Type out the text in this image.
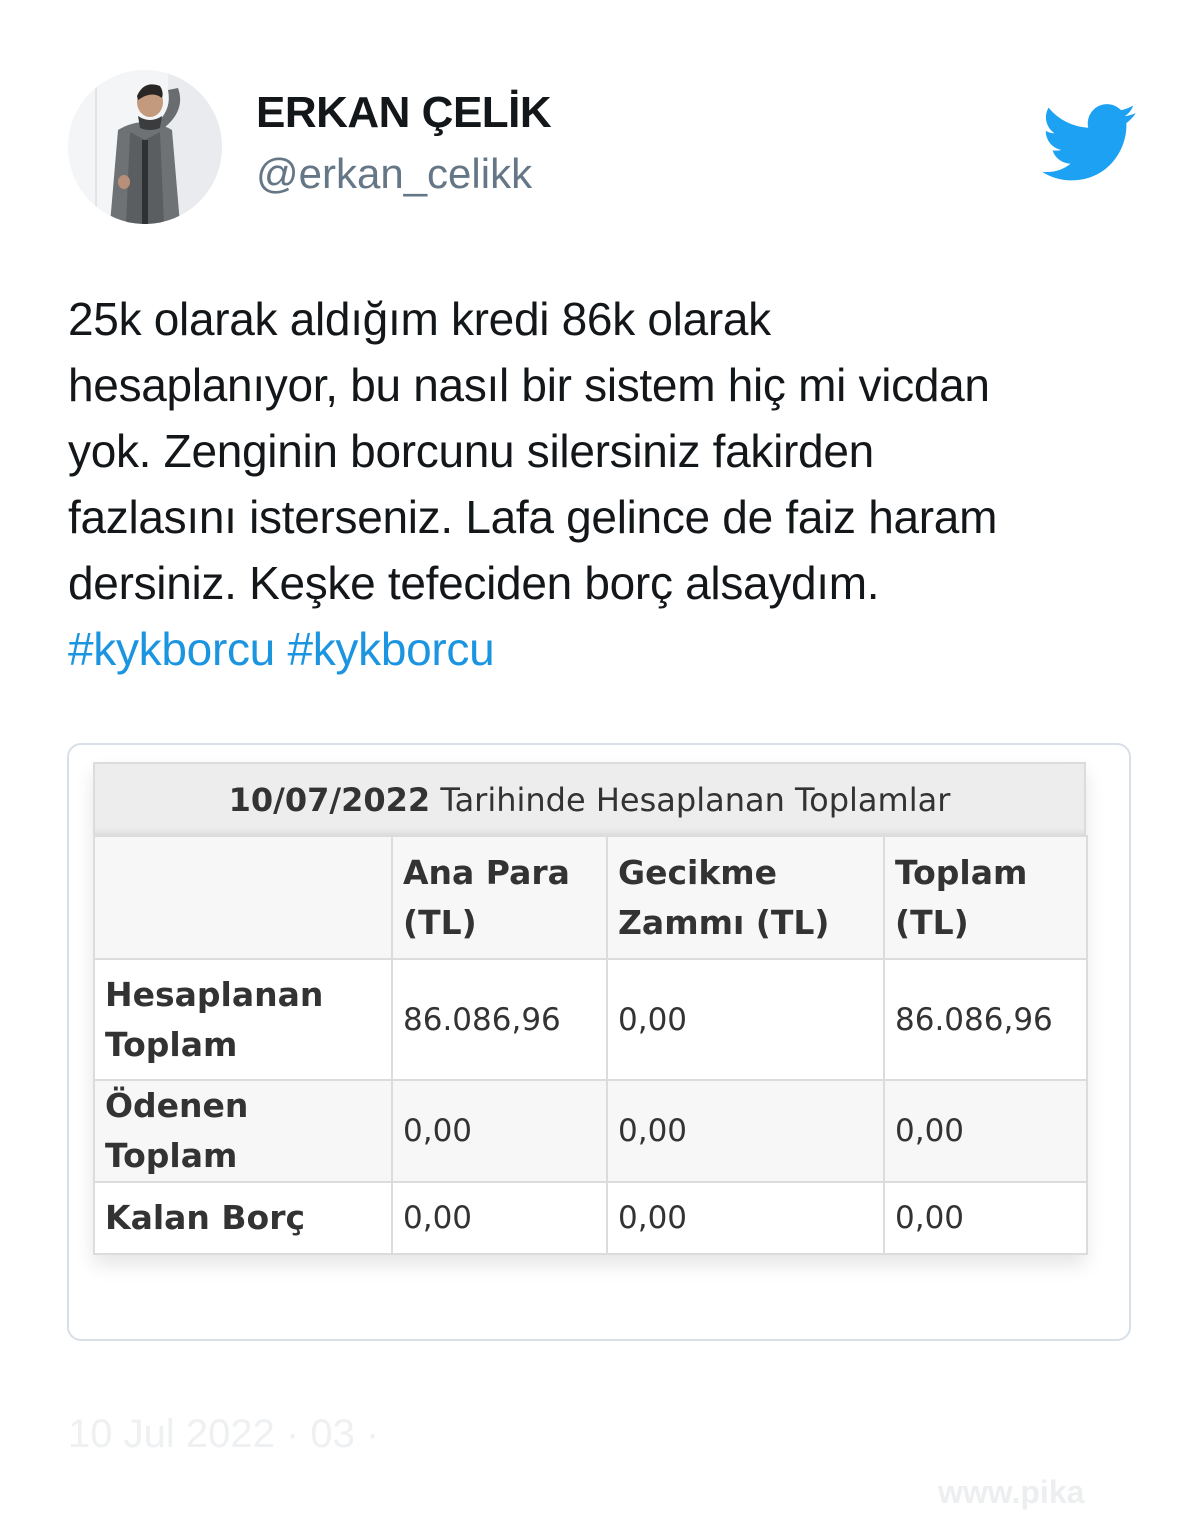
ERKAN ÇELİK
@erkan_celikk

25k olarak aldığım kredi 86k olarak

hesaplanıyor, bu nasıl bir sistem hiç mi vicdan

yok. Zenginin borcunu silersiniz fakirden

fazlasını isterseniz. Lafa gelince de faiz haram

dersiniz. Keşke tefeciden borç alsaydım.

#kykborcu #kykborcu

10/07/2022 Tarihinde Hesaplanan Toplamlar
	Ana Para (TL)	Gecikme Zammı (TL)	Toplam (TL)
Hesaplanan Toplam	86.086,96	0,00	86.086,96
Ödenen Toplam	0,00	0,00	0,00
Kalan Borç	0,00	0,00	0,00
10 Jul 2022 · 03 ·
www.pika
